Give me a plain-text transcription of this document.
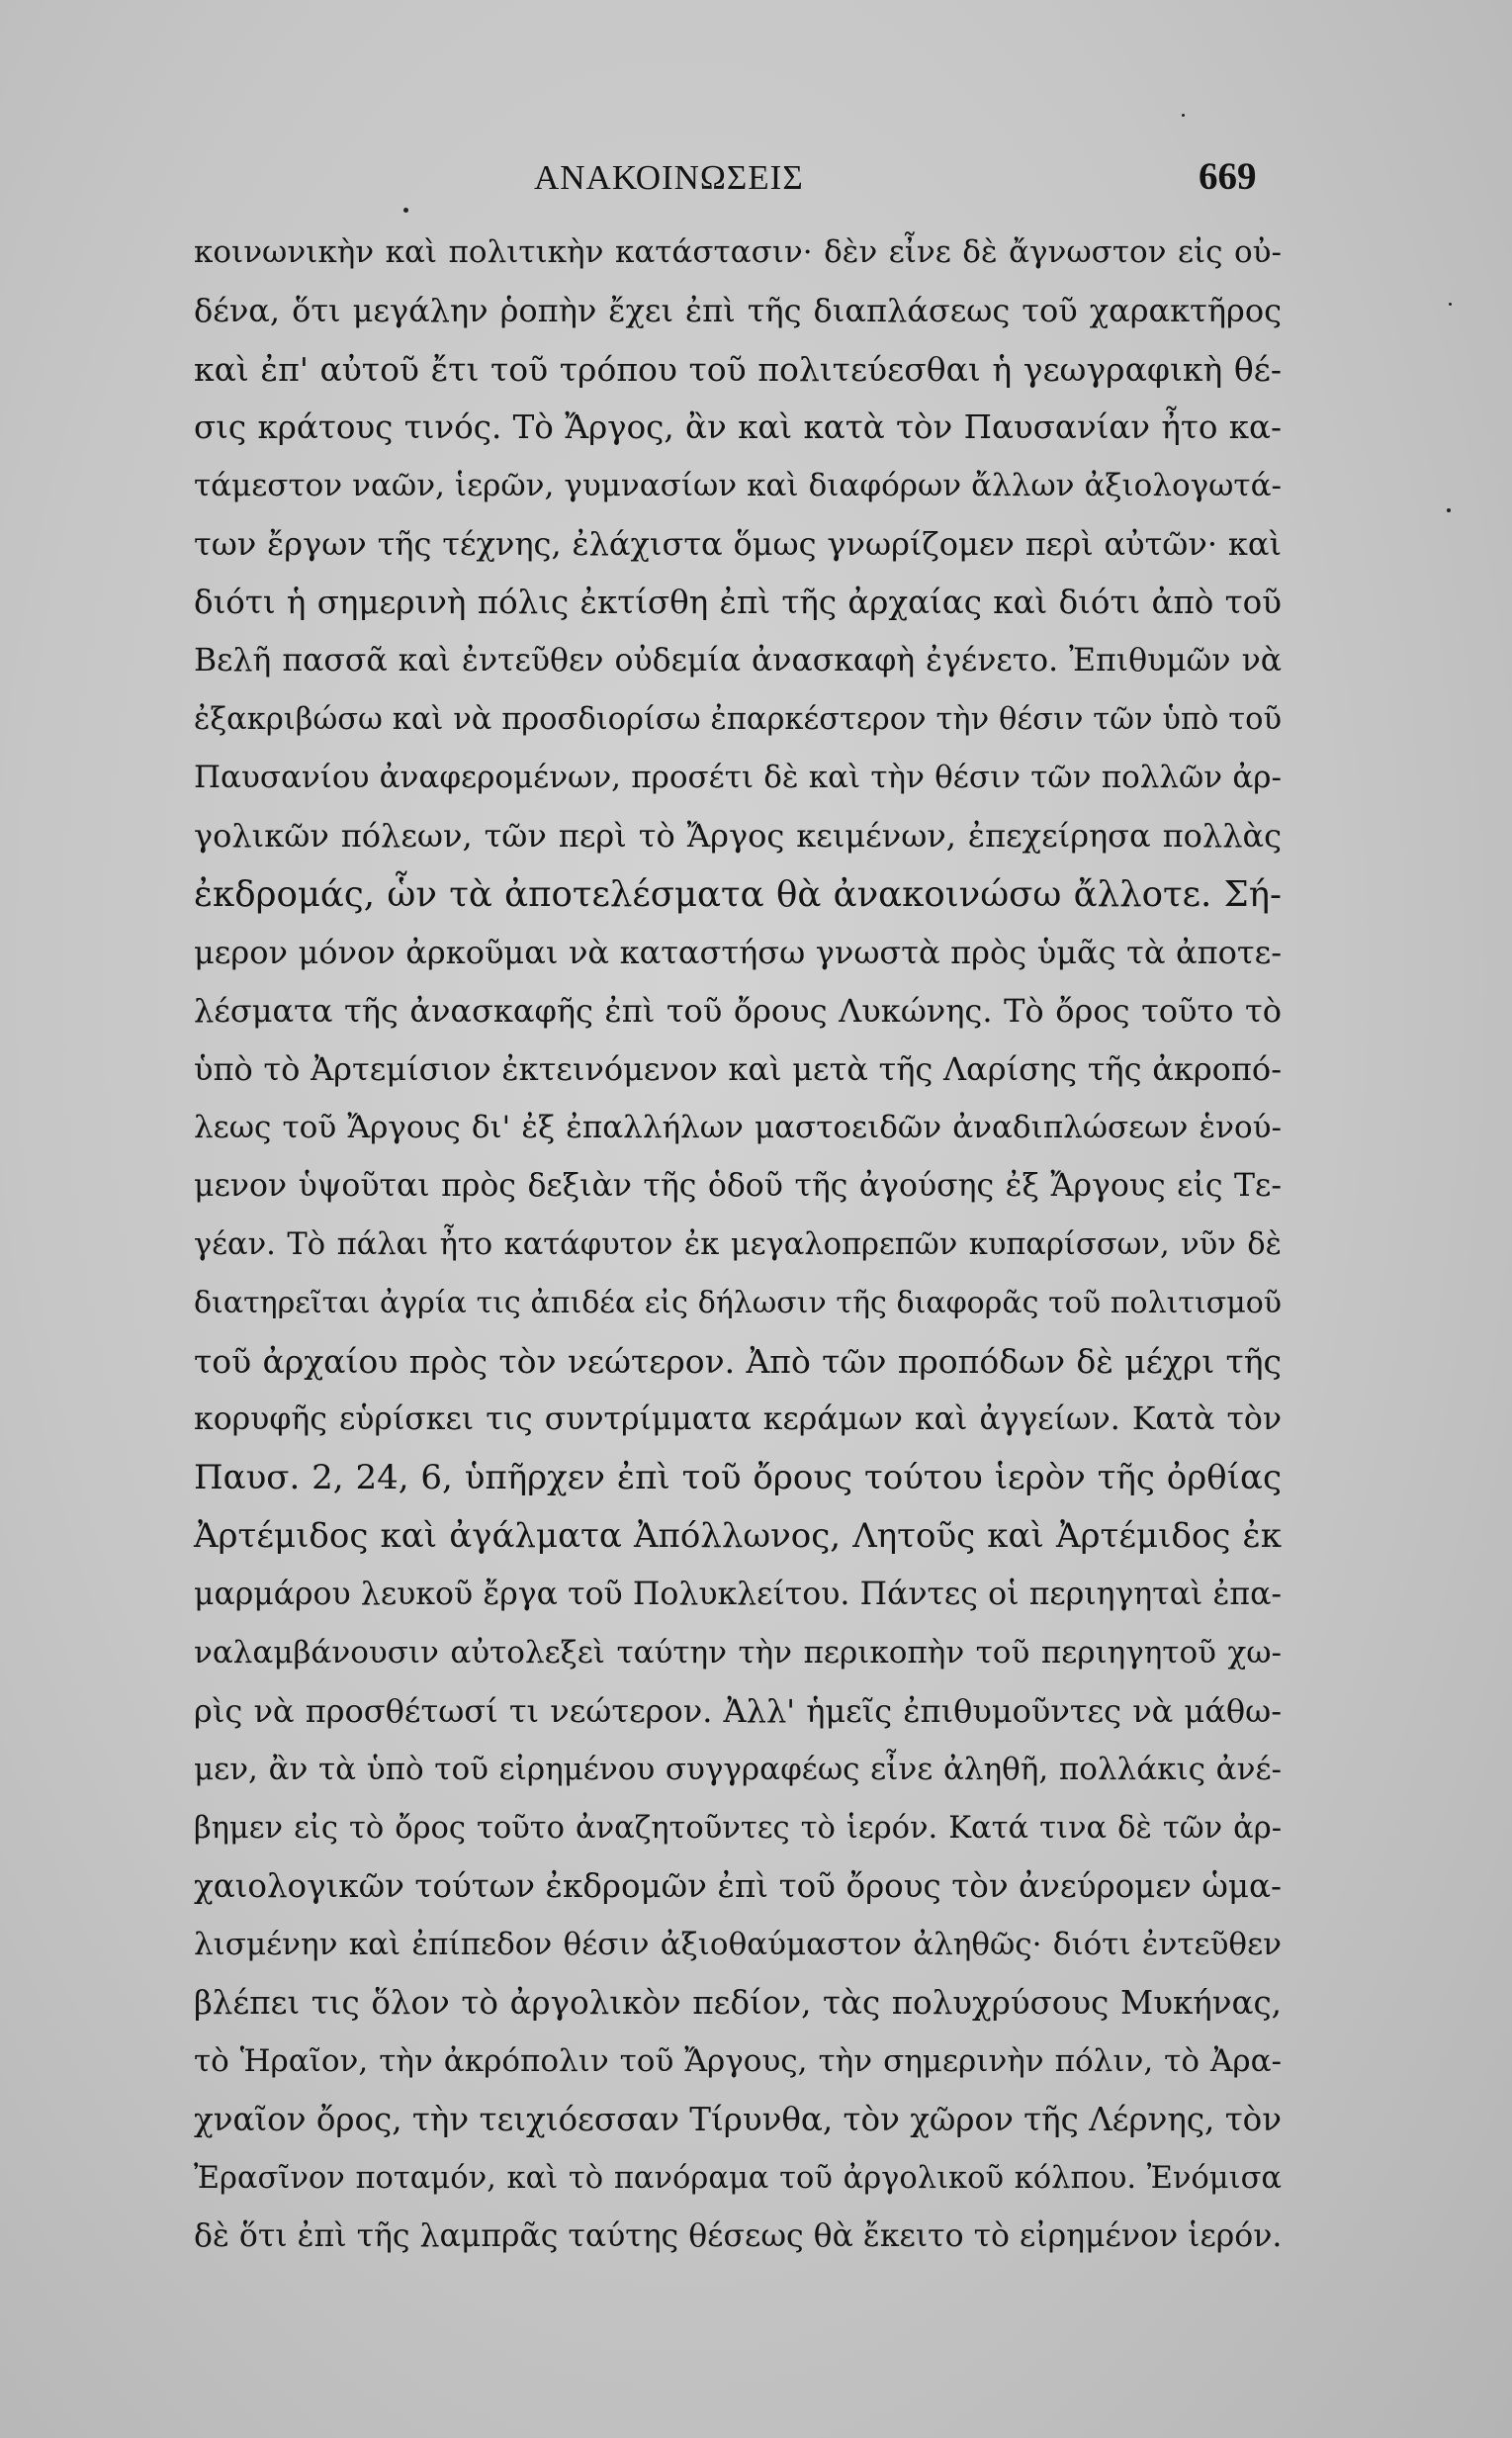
ΑΝΑΚΟΙΝΩΣΕΙΣ	669
κοινωνικὴν καὶ πολιτικὴν κατάστασιν· δὲν εἶνε δὲ ἄγνωστον εἰς οὐ-
δένα, ὅτι μεγάλην ῥοπὴν ἔχει ἐπὶ τῆς διαπλάσεως τοῦ χαρακτῆρος
καὶ ἐπ' αὐτοῦ ἔτι τοῦ τρόπου τοῦ πολιτεύεσθαι ἡ γεωγραφικὴ θέ-
σις κράτους τινός. Τὸ Ἄργος, ἂν καὶ κατὰ τὸν Παυσανίαν ἦτο κα-
τάμεστον ναῶν, ἱερῶν, γυμνασίων καὶ διαφόρων ἄλλων ἀξιολογωτά-
των ἔργων τῆς τέχνης, ἐλάχιστα ὅμως γνωρίζομεν περὶ αὐτῶν· καὶ
διότι ἡ σημερινὴ πόλις ἐκτίσθη ἐπὶ τῆς ἀρχαίας καὶ διότι ἀπὸ τοῦ
Βελῆ πασσᾶ καὶ ἐντεῦθεν οὐδεμία ἀνασκαφὴ ἐγένετο. Ἐπιθυμῶν νὰ
ἐξακριβώσω καὶ νὰ προσδιορίσω ἐπαρκέστερον τὴν θέσιν τῶν ὑπὸ τοῦ
Παυσανίου ἀναφερομένων, προσέτι δὲ καὶ τὴν θέσιν τῶν πολλῶν ἀρ-
γολικῶν πόλεων, τῶν περὶ τὸ Ἄργος κειμένων, ἐπεχείρησα πολλὰς
ἐκδρομάς, ὧν τὰ ἀποτελέσματα θὰ ἀνακοινώσω ἄλλοτε. Σή-
μερον μόνον ἀρκοῦμαι νὰ καταστήσω γνωστὰ πρὸς ὑμᾶς τὰ ἀποτε-
λέσματα τῆς ἀνασκαφῆς ἐπὶ τοῦ ὄρους Λυκώνης. Τὸ ὄρος τοῦτο τὸ
ὑπὸ τὸ Ἀρτεμίσιον ἐκτεινόμενον καὶ μετὰ τῆς Λαρίσης τῆς ἀκροπό-
λεως τοῦ Ἄργους δι' ἐξ ἐπαλλήλων μαστοειδῶν ἀναδιπλώσεων ἑνού-
μενον ὑψοῦται πρὸς δεξιὰν τῆς ὁδοῦ τῆς ἀγούσης ἐξ Ἄργους εἰς Τε-
γέαν. Τὸ πάλαι ἦτο κατάφυτον ἐκ μεγαλοπρεπῶν κυπαρίσσων, νῦν δὲ
διατηρεῖται ἀγρία τις ἀπιδέα εἰς δήλωσιν τῆς διαφορᾶς τοῦ πολιτισμοῦ
τοῦ ἀρχαίου πρὸς τὸν νεώτερον. Ἀπὸ τῶν προπόδων δὲ μέχρι τῆς
κορυφῆς εὑρίσκει τις συντρίμματα κεράμων καὶ ἀγγείων. Κατὰ τὸν
Παυσ. 2, 24, 6, ὑπῆρχεν ἐπὶ τοῦ ὄρους τούτου ἱερὸν τῆς ὀρθίας
Ἀρτέμιδος καὶ ἀγάλματα Ἀπόλλωνος, Λητοῦς καὶ Ἀρτέμιδος ἐκ
μαρμάρου λευκοῦ ἔργα τοῦ Πολυκλείτου. Πάντες οἱ περιηγηταὶ ἐπα-
ναλαμβάνουσιν αὐτολεξεὶ ταύτην τὴν περικοπὴν τοῦ περιηγητοῦ χω-
ρὶς νὰ προσθέτωσί τι νεώτερον. Ἀλλ' ἡμεῖς ἐπιθυμοῦντες νὰ μάθω-
μεν, ἂν τὰ ὑπὸ τοῦ εἰρημένου συγγραφέως εἶνε ἀληθῆ, πολλάκις ἀνέ-
βημεν εἰς τὸ ὄρος τοῦτο ἀναζητοῦντες τὸ ἱερόν. Κατά τινα δὲ τῶν ἀρ-
χαιολογικῶν τούτων ἐκδρομῶν ἐπὶ τοῦ ὄρους τὸν ἀνεύρομεν ὡμα-
λισμένην καὶ ἐπίπεδον θέσιν ἀξιοθαύμαστον ἀληθῶς· διότι ἐντεῦθεν
βλέπει τις ὅλον τὸ ἀργολικὸν πεδίον, τὰς πολυχρύσους Μυκήνας,
τὸ Ἡραῖον, τὴν ἀκρόπολιν τοῦ Ἄργους, τὴν σημερινὴν πόλιν, τὸ Ἀρα-
χναῖον ὄρος, τὴν τειχιόεσσαν Τίρυνθα, τὸν χῶρον τῆς Λέρνης, τὸν
Ἐρασῖνον ποταμόν, καὶ τὸ πανόραμα τοῦ ἀργολικοῦ κόλπου. Ἐνόμισα
δὲ ὅτι ἐπὶ τῆς λαμπρᾶς ταύτης θέσεως θὰ ἔκειτο τὸ εἰρημένον ἱερόν.
